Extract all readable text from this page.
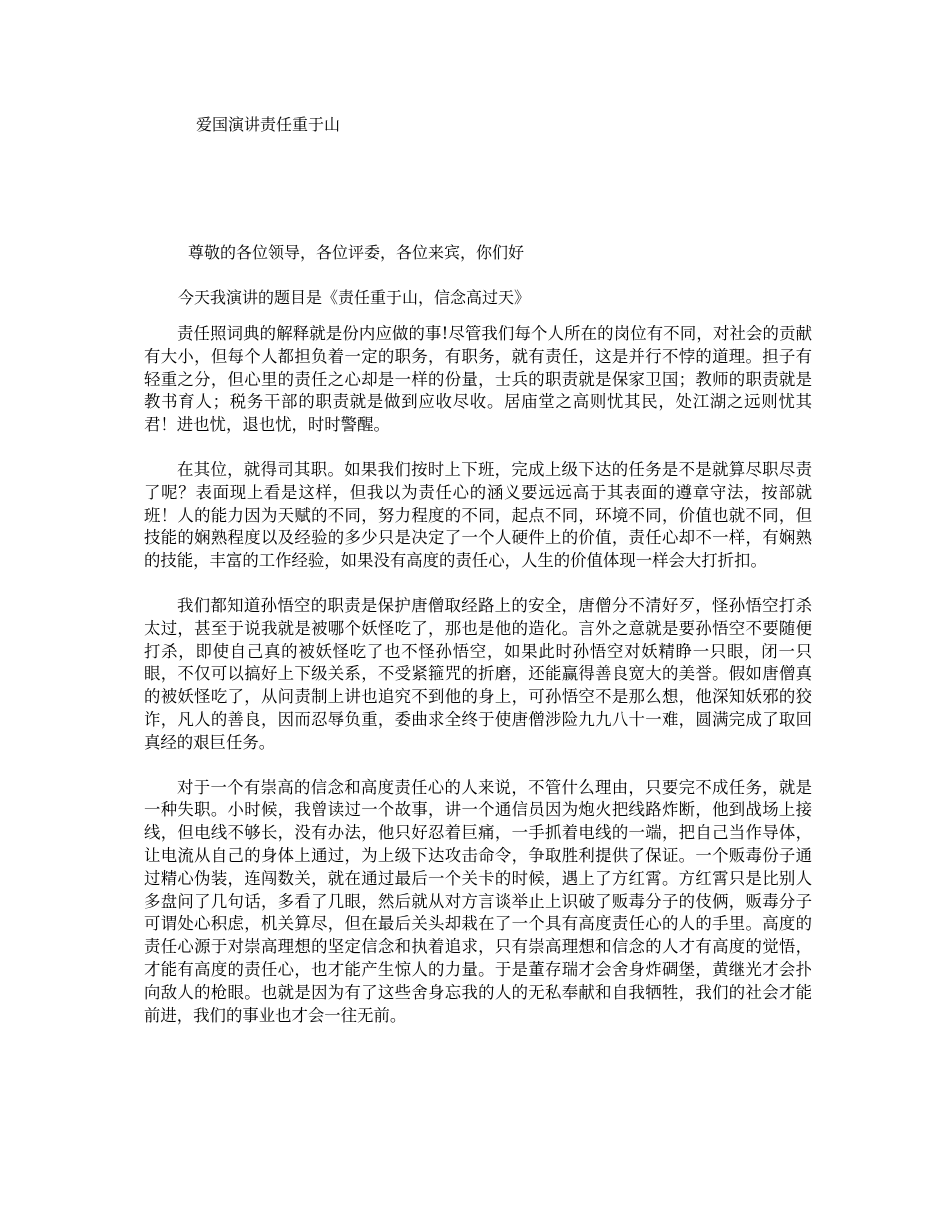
爱国演讲责任重于山

尊敬的各位领导，各位评委，各位来宾，你们好

今天我演讲的题目是《责任重于山，信念高过天》

责任照词典的解释就是份内应做的事!尽管我们每个人所在的岗位有不同，对社会的贡献有大小，但每个人都担负着一定的职务，有职务，就有责任，这是并行不悖的道理。担子有轻重之分，但心里的责任之心却是一样的份量，士兵的职责就是保家卫国；教师的职责就是教书育人；税务干部的职责就是做到应收尽收。居庙堂之高则忧其民，处江湖之远则忧其君！进也忧，退也忧，时时警醒。

在其位，就得司其职。如果我们按时上下班，完成上级下达的任务是不是就算尽职尽责了呢？表面现上看是这样，但我以为责任心的涵义要远远高于其表面的遵章守法，按部就班！人的能力因为天赋的不同，努力程度的不同，起点不同，环境不同，价值也就不同，但技能的娴熟程度以及经验的多少只是决定了一个人硬件上的价值，责任心却不一样，有娴熟的技能，丰富的工作经验，如果没有高度的责任心，人生的价值体现一样会大打折扣。

我们都知道孙悟空的职责是保护唐僧取经路上的安全，唐僧分不清好歹，怪孙悟空打杀太过，甚至于说我就是被哪个妖怪吃了，那也是他的造化。言外之意就是要孙悟空不要随便打杀，即使自己真的被妖怪吃了也不怪孙悟空，如果此时孙悟空对妖精睁一只眼，闭一只眼，不仅可以搞好上下级关系，不受紧箍咒的折磨，还能赢得善良宽大的美誉。假如唐僧真的被妖怪吃了，从问责制上讲也追究不到他的身上，可孙悟空不是那么想，他深知妖邪的狡诈，凡人的善良，因而忍辱负重，委曲求全终于使唐僧涉险九九八十一难，圆满完成了取回真经的艰巨任务。

对于一个有崇高的信念和高度责任心的人来说，不管什么理由，只要完不成任务，就是一种失职。小时候，我曾读过一个故事，讲一个通信员因为炮火把线路炸断，他到战场上接线，但电线不够长，没有办法，他只好忍着巨痛，一手抓着电线的一端，把自己当作导体，让电流从自己的身体上通过，为上级下达攻击命令，争取胜利提供了保证。一个贩毒份子通过精心伪装，连闯数关，就在通过最后一个关卡的时候，遇上了方红霄。方红霄只是比别人多盘问了几句话，多看了几眼，然后就从对方言谈举止上识破了贩毒分子的伎俩，贩毒分子可谓处心积虑，机关算尽，但在最后关头却栽在了一个具有高度责任心的人的手里。高度的责任心源于对崇高理想的坚定信念和执着追求，只有崇高理想和信念的人才有高度的觉悟，才能有高度的责任心，也才能产生惊人的力量。于是董存瑞才会舍身炸碉堡，黄继光才会扑向敌人的枪眼。也就是因为有了这些舍身忘我的人的无私奉献和自我牺牲，我们的社会才能前进，我们的事业也才会一往无前。
